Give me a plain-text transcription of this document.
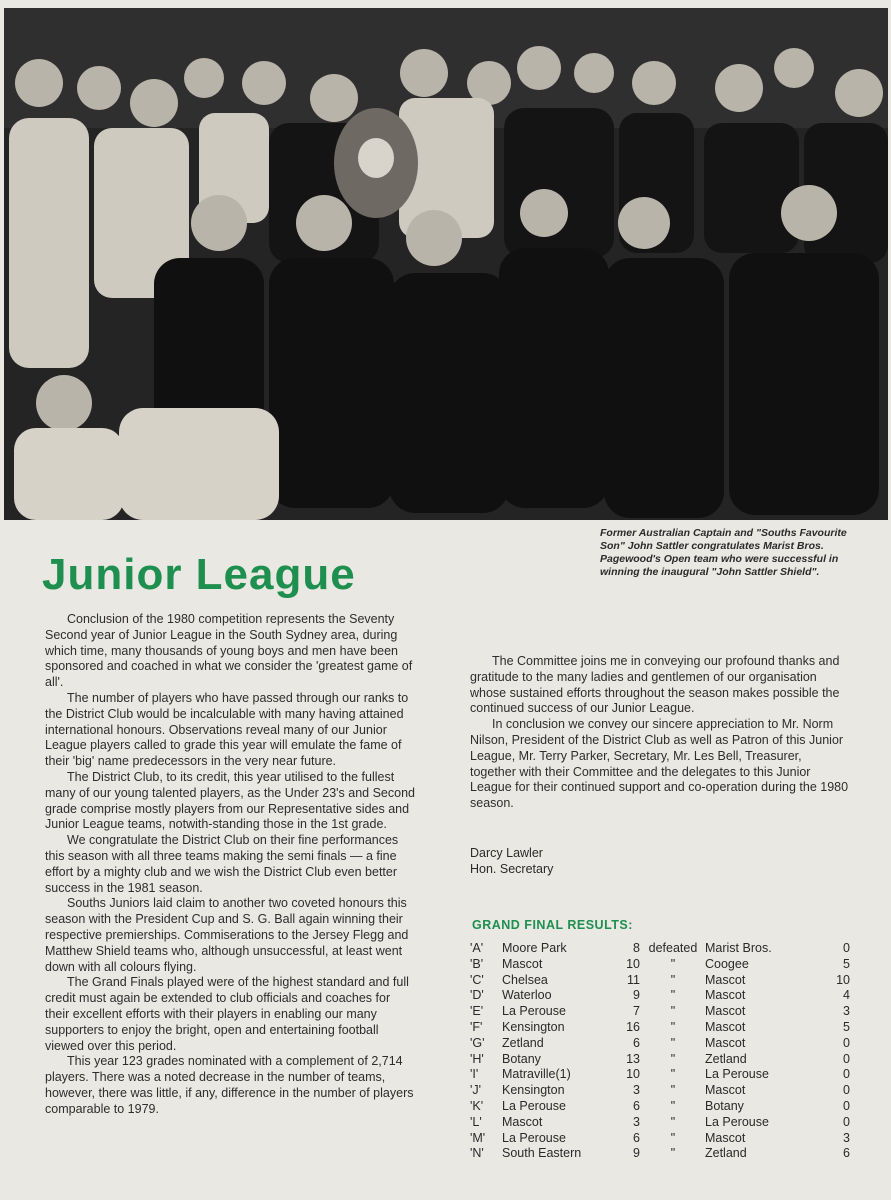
Former Australian Captain and "Souths Favourite Son" John Sattler congratulates Marist Bros. Pagewood's Open team who were successful in winning the inaugural "John Sattler Shield".
Junior League

Conclusion of the 1980 competition represents the Seventy Second year of Junior League in the South Sydney area, during which time, many thousands of young boys and men have been sponsored and coached in what we consider the 'greatest game of all'.

The number of players who have passed through our ranks to the District Club would be incalculable with many having attained international honours. Observations reveal many of our Junior League players called to grade this year will emulate the fame of their 'big' name predecessors in the very near future.

The District Club, to its credit, this year utilised to the fullest many of our young talented players, as the Under 23's and Second grade comprise mostly players from our Representative sides and Junior League teams, notwith-standing those in the 1st grade.

We congratulate the District Club on their fine performances this season with all three teams making the semi finals — a fine effort by a mighty club and we wish the District Club even better success in the 1981 season.

Souths Juniors laid claim to another two coveted honours this season with the President Cup and S. G. Ball again winning their respective premierships. Commiserations to the Jersey Flegg and Matthew Shield teams who, although unsuccessful, at least went down with all colours flying.

The Grand Finals played were of the highest standard and full credit must again be extended to club officials and coaches for their excellent efforts with their players in enabling our many supporters to enjoy the bright, open and entertaining football viewed over this period.

This year 123 grades nominated with a complement of 2,714 players. There was a noted decrease in the number of teams, however, there was little, if any, difference in the number of players comparable to 1979.

The Committee joins me in conveying our profound thanks and gratitude to the many ladies and gentlemen of our organisation whose sustained efforts throughout the season makes possible the continued success of our Junior League.

In conclusion we convey our sincere appreciation to Mr. Norm Nilson, President of the District Club as well as Patron of this Junior League, Mr. Terry Parker, Secretary, Mr. Les Bell, Treasurer, together with their Committee and the delegates to this Junior League for their continued support and co-operation during the 1980 season.

Darcy Lawler
Hon. Secretary
GRAND FINAL RESULTS:
'A' Moore Park	8 defeated Marist Bros.	0
'B' Mascot	10	"	Coogee	5
'C' Chelsea	11	"	Mascot	10
'D' Waterloo	9	"	Mascot	4
'E' La Perouse	7	"	Mascot	3
'F' Kensington	16	"	Mascot	5
'G' Zetland	6	"	Mascot	0
'H' Botany	13	"	Zetland	0
'I' Matraville(1)	10	"	La Perouse	0
'J' Kensington	3	"	Mascot	0
'K' La Perouse	6	"	Botany	0
'L' Mascot	3	"	La Perouse	0
'M' La Perouse	6	"	Mascot	3
'N' South Eastern	9	"	Zetland	6
